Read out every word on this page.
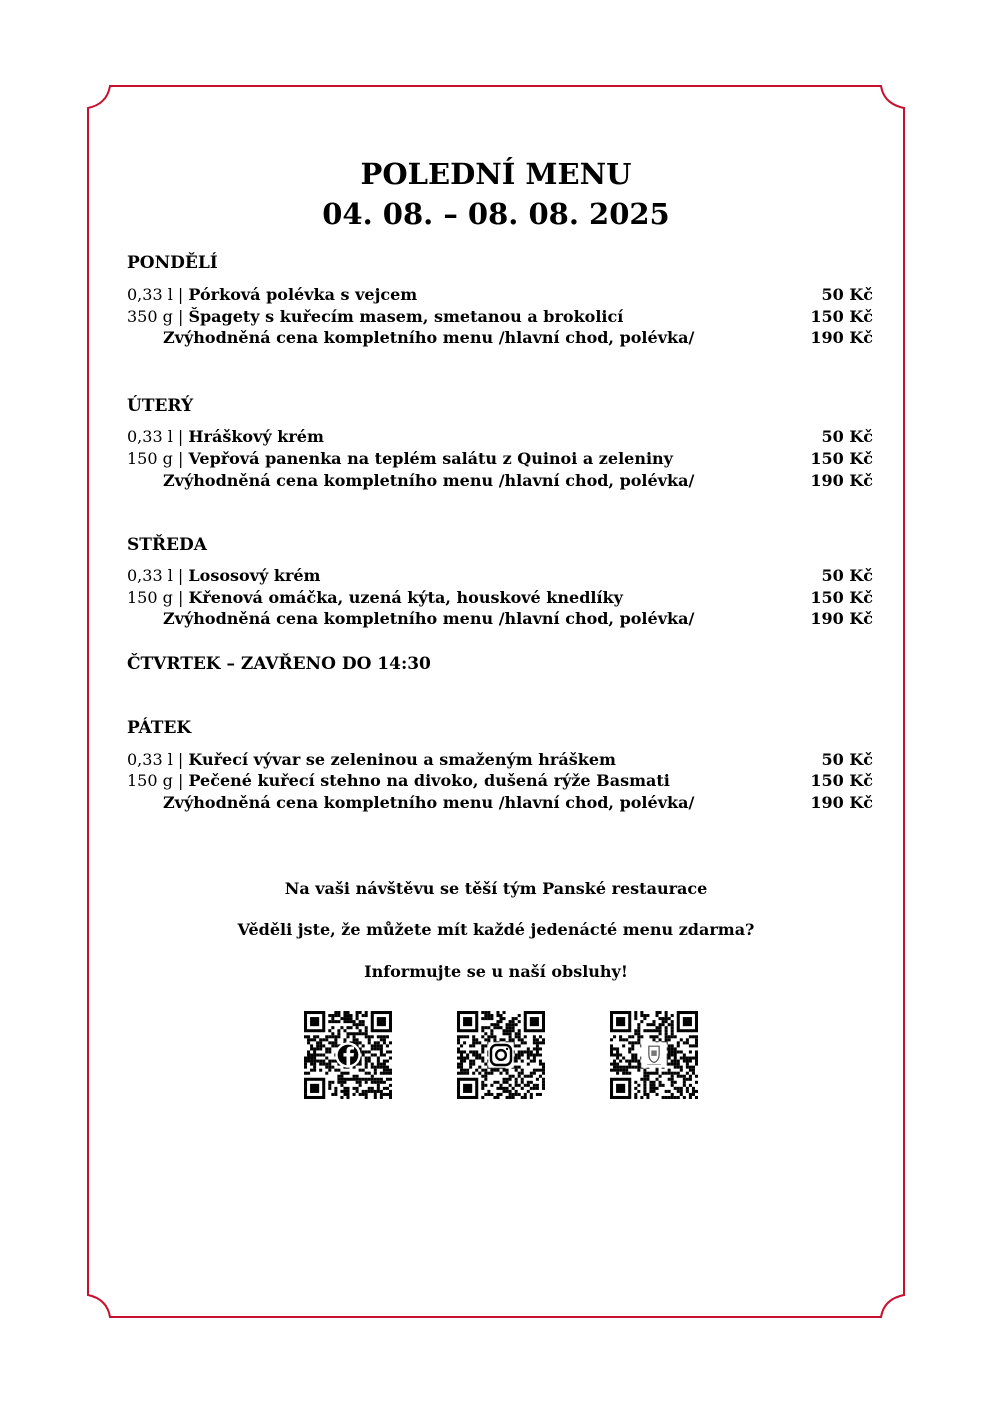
POLEDNÍ MENU
04. 08. – 08. 08. 2025
PONDĚLÍ
0,33 l | Pórková polévka s vejcem	50 Kč
350 g | Špagety s kuřecím masem, smetanou a brokolicí	150 Kč
Zvýhodněná cena kompletního menu /hlavní chod, polévka/	190 Kč
ÚTERÝ
0,33 l | Hráškový krém	50 Kč
150 g | Vepřová panenka na teplém salátu z Quinoi a zeleniny	150 Kč
Zvýhodněná cena kompletního menu /hlavní chod, polévka/	190 Kč
STŘEDA
0,33 l | Lososový krém	50 Kč
150 g | Křenová omáčka, uzená kýta, houskové knedlíky	150 Kč
Zvýhodněná cena kompletního menu /hlavní chod, polévka/	190 Kč
ČTVRTEK – ZAVŘENO DO 14:30
PÁTEK
0,33 l | Kuřecí vývar se zeleninou a smaženým hráškem	50 Kč
150 g | Pečené kuřecí stehno na divoko, dušená rýže Basmati	150 Kč
Zvýhodněná cena kompletního menu /hlavní chod, polévka/	190 Kč
Na vaši návštěvu se těší tým Panské restaurace
Věděli jste, že můžete mít každé jedenácté menu zdarma?
Informujte se u naší obsluhy!
